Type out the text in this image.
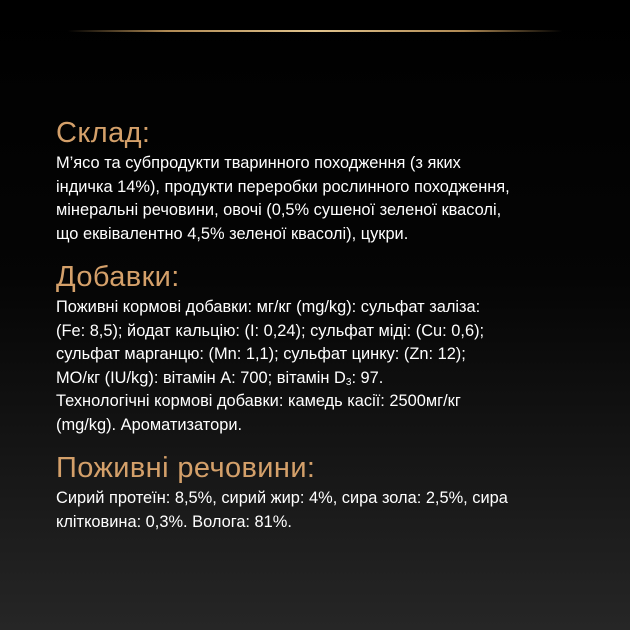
Склад:

М’ясо та субпродукти тваринного походження (з яких
індичка 14%), продукти переробки рослинного походження,
мінеральні речовини, овочі (0,5% сушеної зеленої квасолі,
що еквівалентно 4,5% зеленої квасолі), цукри.

Добавки:

Поживні кормові добавки: мг/кг (mg/kg): сульфат заліза:
(Fe: 8,5); йодат кальцію: (I: 0,24); сульфат міді: (Cu: 0,6);
сульфат марганцю: (Mn: 1,1); сульфат цинку: (Zn: 12);
МО/кг (IU/kg): вітамін А: 700; вітамін $D_3$: 97.
Технологічні кормові добавки: камедь касії: 2500мг/кг
(mg/kg). Ароматизатори.

Поживні речовини:

Сирий протеїн: 8,5%, сирий жир: 4%, сира зола: 2,5%, сира
клітковина: 0,3%. Волога: 81%.
